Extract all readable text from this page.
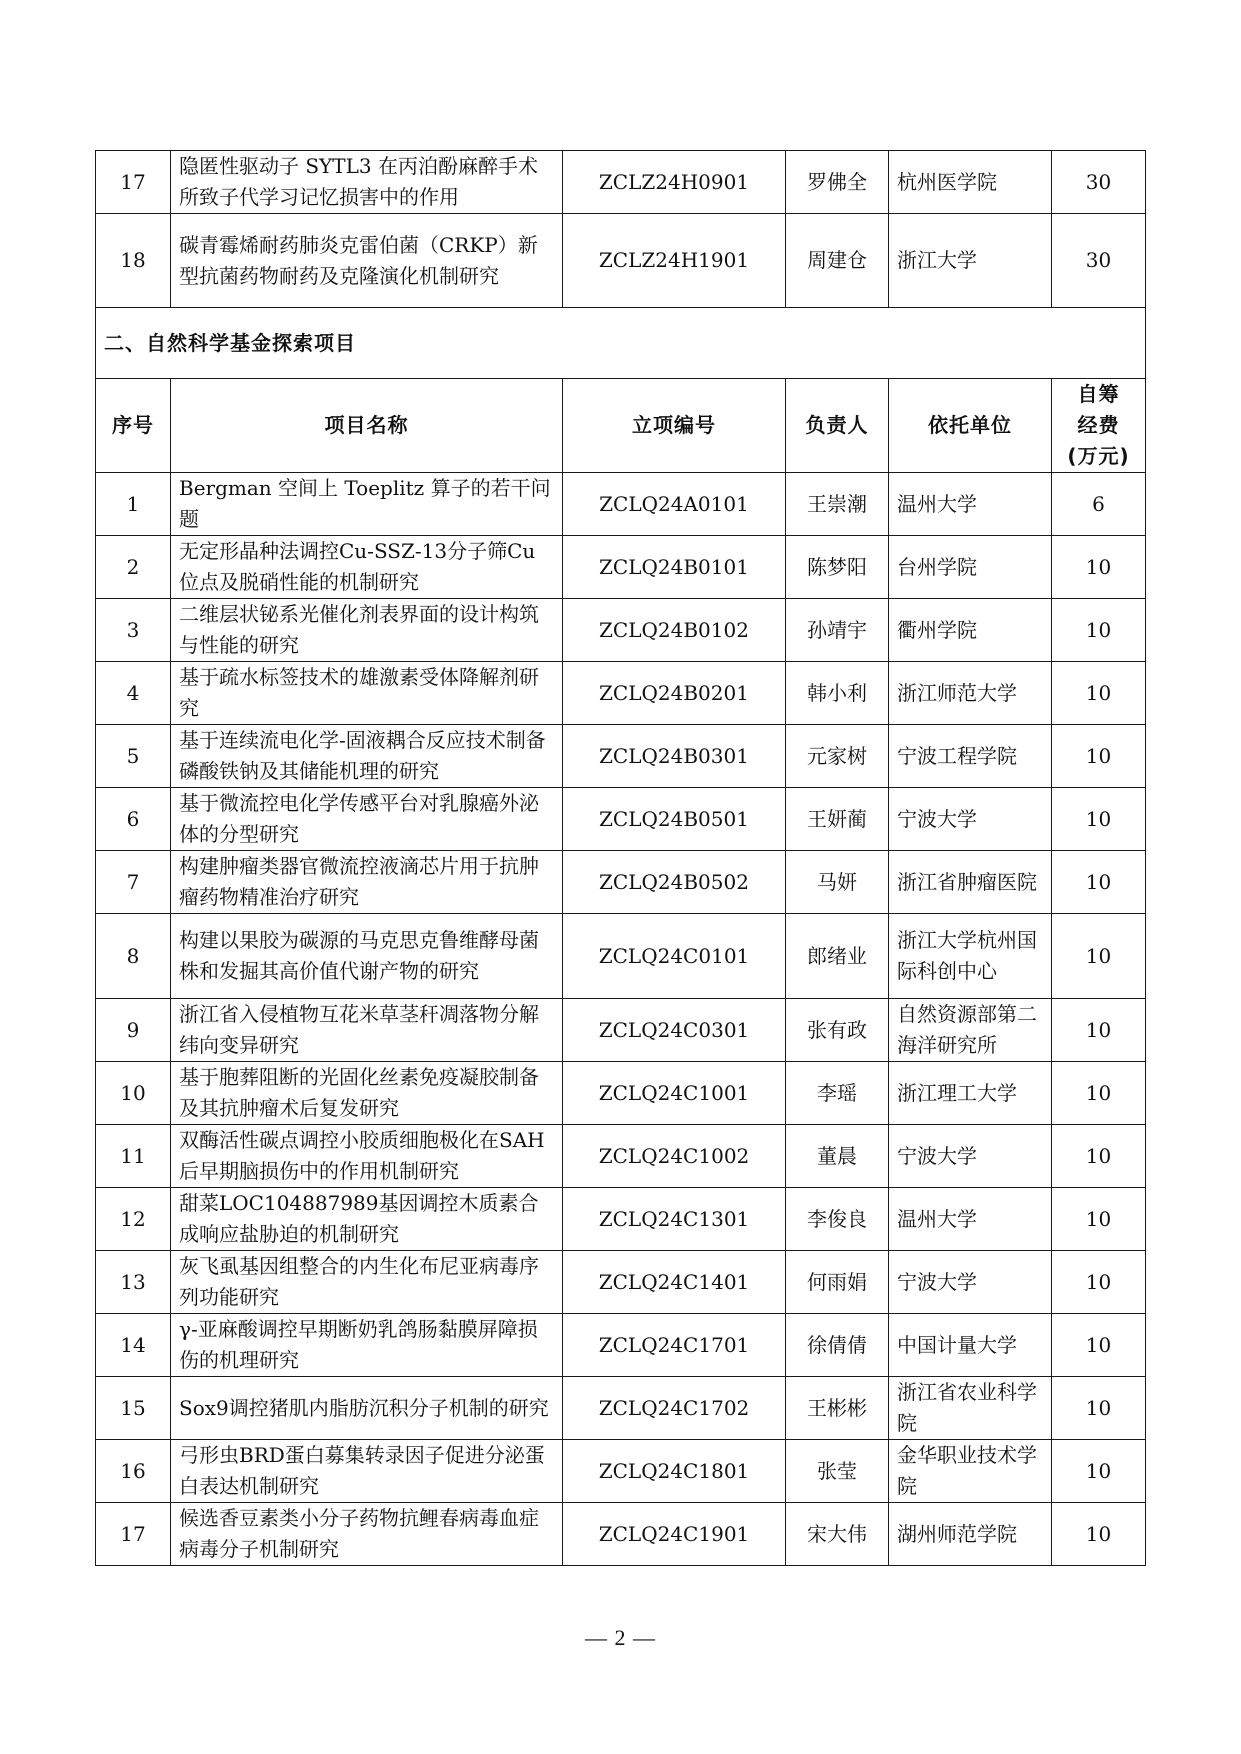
17	隐匿性驱动子 SYTL3 在丙泊酚麻醉手术所致子代学习记忆损害中的作用	ZCLZ24H0901	罗佛全	杭州医学院	30
18	碳青霉烯耐药肺炎克雷伯菌（CRKP）新型抗菌药物耐药及克隆演化机制研究	ZCLZ24H1901	周建仓	浙江大学	30
二、自然科学基金探索项目					
序号	项目名称	立项编号	负责人	依托单位	自筹
经费
(万元)

1	Bergman 空间上 Toeplitz 算子的若干问题	ZCLQ24A0101	王崇潮	温州大学	6
2	无定形晶种法调控Cu-SSZ-13分子筛Cu位点及脱硝性能的机制研究	ZCLQ24B0101	陈梦阳	台州学院	10
3	二维层状铋系光催化剂表界面的设计构筑与性能的研究	ZCLQ24B0102	孙靖宇	衢州学院	10
4	基于疏水标签技术的雄激素受体降解剂研究	ZCLQ24B0201	韩小利	浙江师范大学	10
5	基于连续流电化学-固液耦合反应技术制备磷酸铁钠及其储能机理的研究	ZCLQ24B0301	元家树	宁波工程学院	10
6	基于微流控电化学传感平台对乳腺癌外泌体的分型研究	ZCLQ24B0501	王妍蔺	宁波大学	10
7	构建肿瘤类器官微流控液滴芯片用于抗肿瘤药物精准治疗研究	ZCLQ24B0502	马妍	浙江省肿瘤医院	10
8	构建以果胶为碳源的马克思克鲁维酵母菌株和发掘其高价值代谢产物的研究	ZCLQ24C0101	郎绪业	浙江大学杭州国际科创中心	10
9	浙江省入侵植物互花米草茎秆凋落物分解纬向变异研究	ZCLQ24C0301	张有政	自然资源部第二海洋研究所	10
10	基于胞葬阻断的光固化丝素免疫凝胶制备及其抗肿瘤术后复发研究	ZCLQ24C1001	李瑶	浙江理工大学	10
11	双酶活性碳点调控小胶质细胞极化在SAH后早期脑损伤中的作用机制研究	ZCLQ24C1002	董晨	宁波大学	10
12	甜菜LOC104887989基因调控木质素合成响应盐胁迫的机制研究	ZCLQ24C1301	李俊良	温州大学	10
13	灰飞虱基因组整合的内生化布尼亚病毒序列功能研究	ZCLQ24C1401	何雨娟	宁波大学	10
14	γ-亚麻酸调控早期断奶乳鸽肠黏膜屏障损伤的机理研究	ZCLQ24C1701	徐倩倩	中国计量大学	10
15	Sox9调控猪肌内脂肪沉积分子机制的研究	ZCLQ24C1702	王彬彬	浙江省农业科学院	10
16	弓形虫BRD蛋白募集转录因子促进分泌蛋白表达机制研究	ZCLQ24C1801	张莹	金华职业技术学院	10
17	候选香豆素类小分子药物抗鲤春病毒血症病毒分子机制研究	ZCLQ24C1901	宋大伟	湖州师范学院	10
— 2 —
